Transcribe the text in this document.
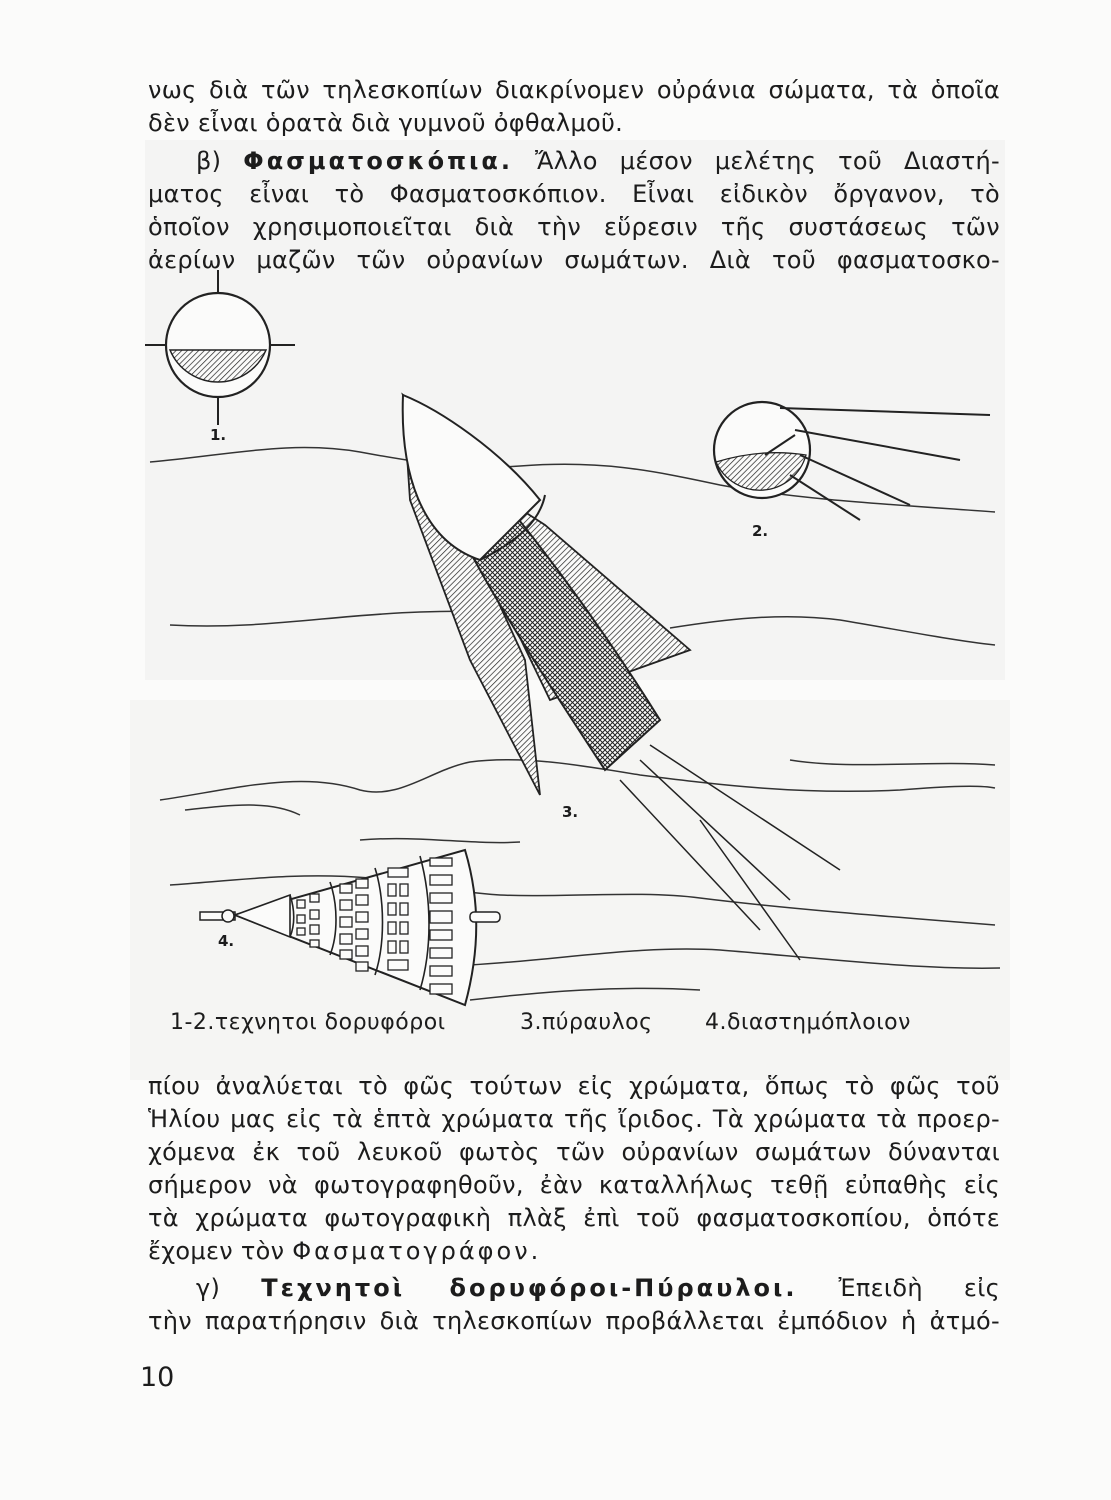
νως διὰ τῶν τηλεσκοπίων διακρίνομεν οὐράνια σώματα, τὰ ὁποῖα
δὲν εἶναι ὁρατὰ διὰ γυμνοῦ ὀφθαλμοῦ.
β) Φασματοσκόπια. Ἄλλο μέσον μελέτης τοῦ Διαστή-
ματος εἶναι τὸ Φασματοσκόπιον. Εἶναι εἰδικὸν ὄργανον, τὸ
ὁποῖον χρησιμοποιεῖται διὰ τὴν εὕρεσιν τῆς συστάσεως τῶν
ἀερίων μαζῶν τῶν οὐρανίων σωμάτων. Διὰ τοῦ φασματοσκο-
1.
2.
3.
4.
1-2.τεχνητοι δορυφόροι	3.πύραυλος 4.διαστημόπλοιον
πίου ἀναλύεται τὸ φῶς τούτων εἰς χρώματα, ὅπως τὸ φῶς τοῦ
Ἡλίου μας εἰς τὰ ἑπτὰ χρώματα τῆς ἴριδος. Τὰ χρώματα τὰ προερ-
χόμενα ἐκ τοῦ λευκοῦ φωτὸς τῶν οὐρανίων σωμάτων δύνανται
σήμερον νὰ φωτογραφηθοῦν, ἐὰν καταλλήλως τεθῇ εὐπαθὴς εἰς
τὰ χρώματα φωτογραφικὴ πλὰξ ἐπὶ τοῦ φασματοσκοπίου, ὁπότε
ἔχομεν τὸν Φασματογράφον.
γ) Τεχνητοὶ δορυφόροι-Πύραυλοι. Ἐπειδὴ εἰς
τὴν παρατήρησιν διὰ τηλεσκοπίων προβάλλεται ἐμπόδιον ἡ ἀτμό-
10
